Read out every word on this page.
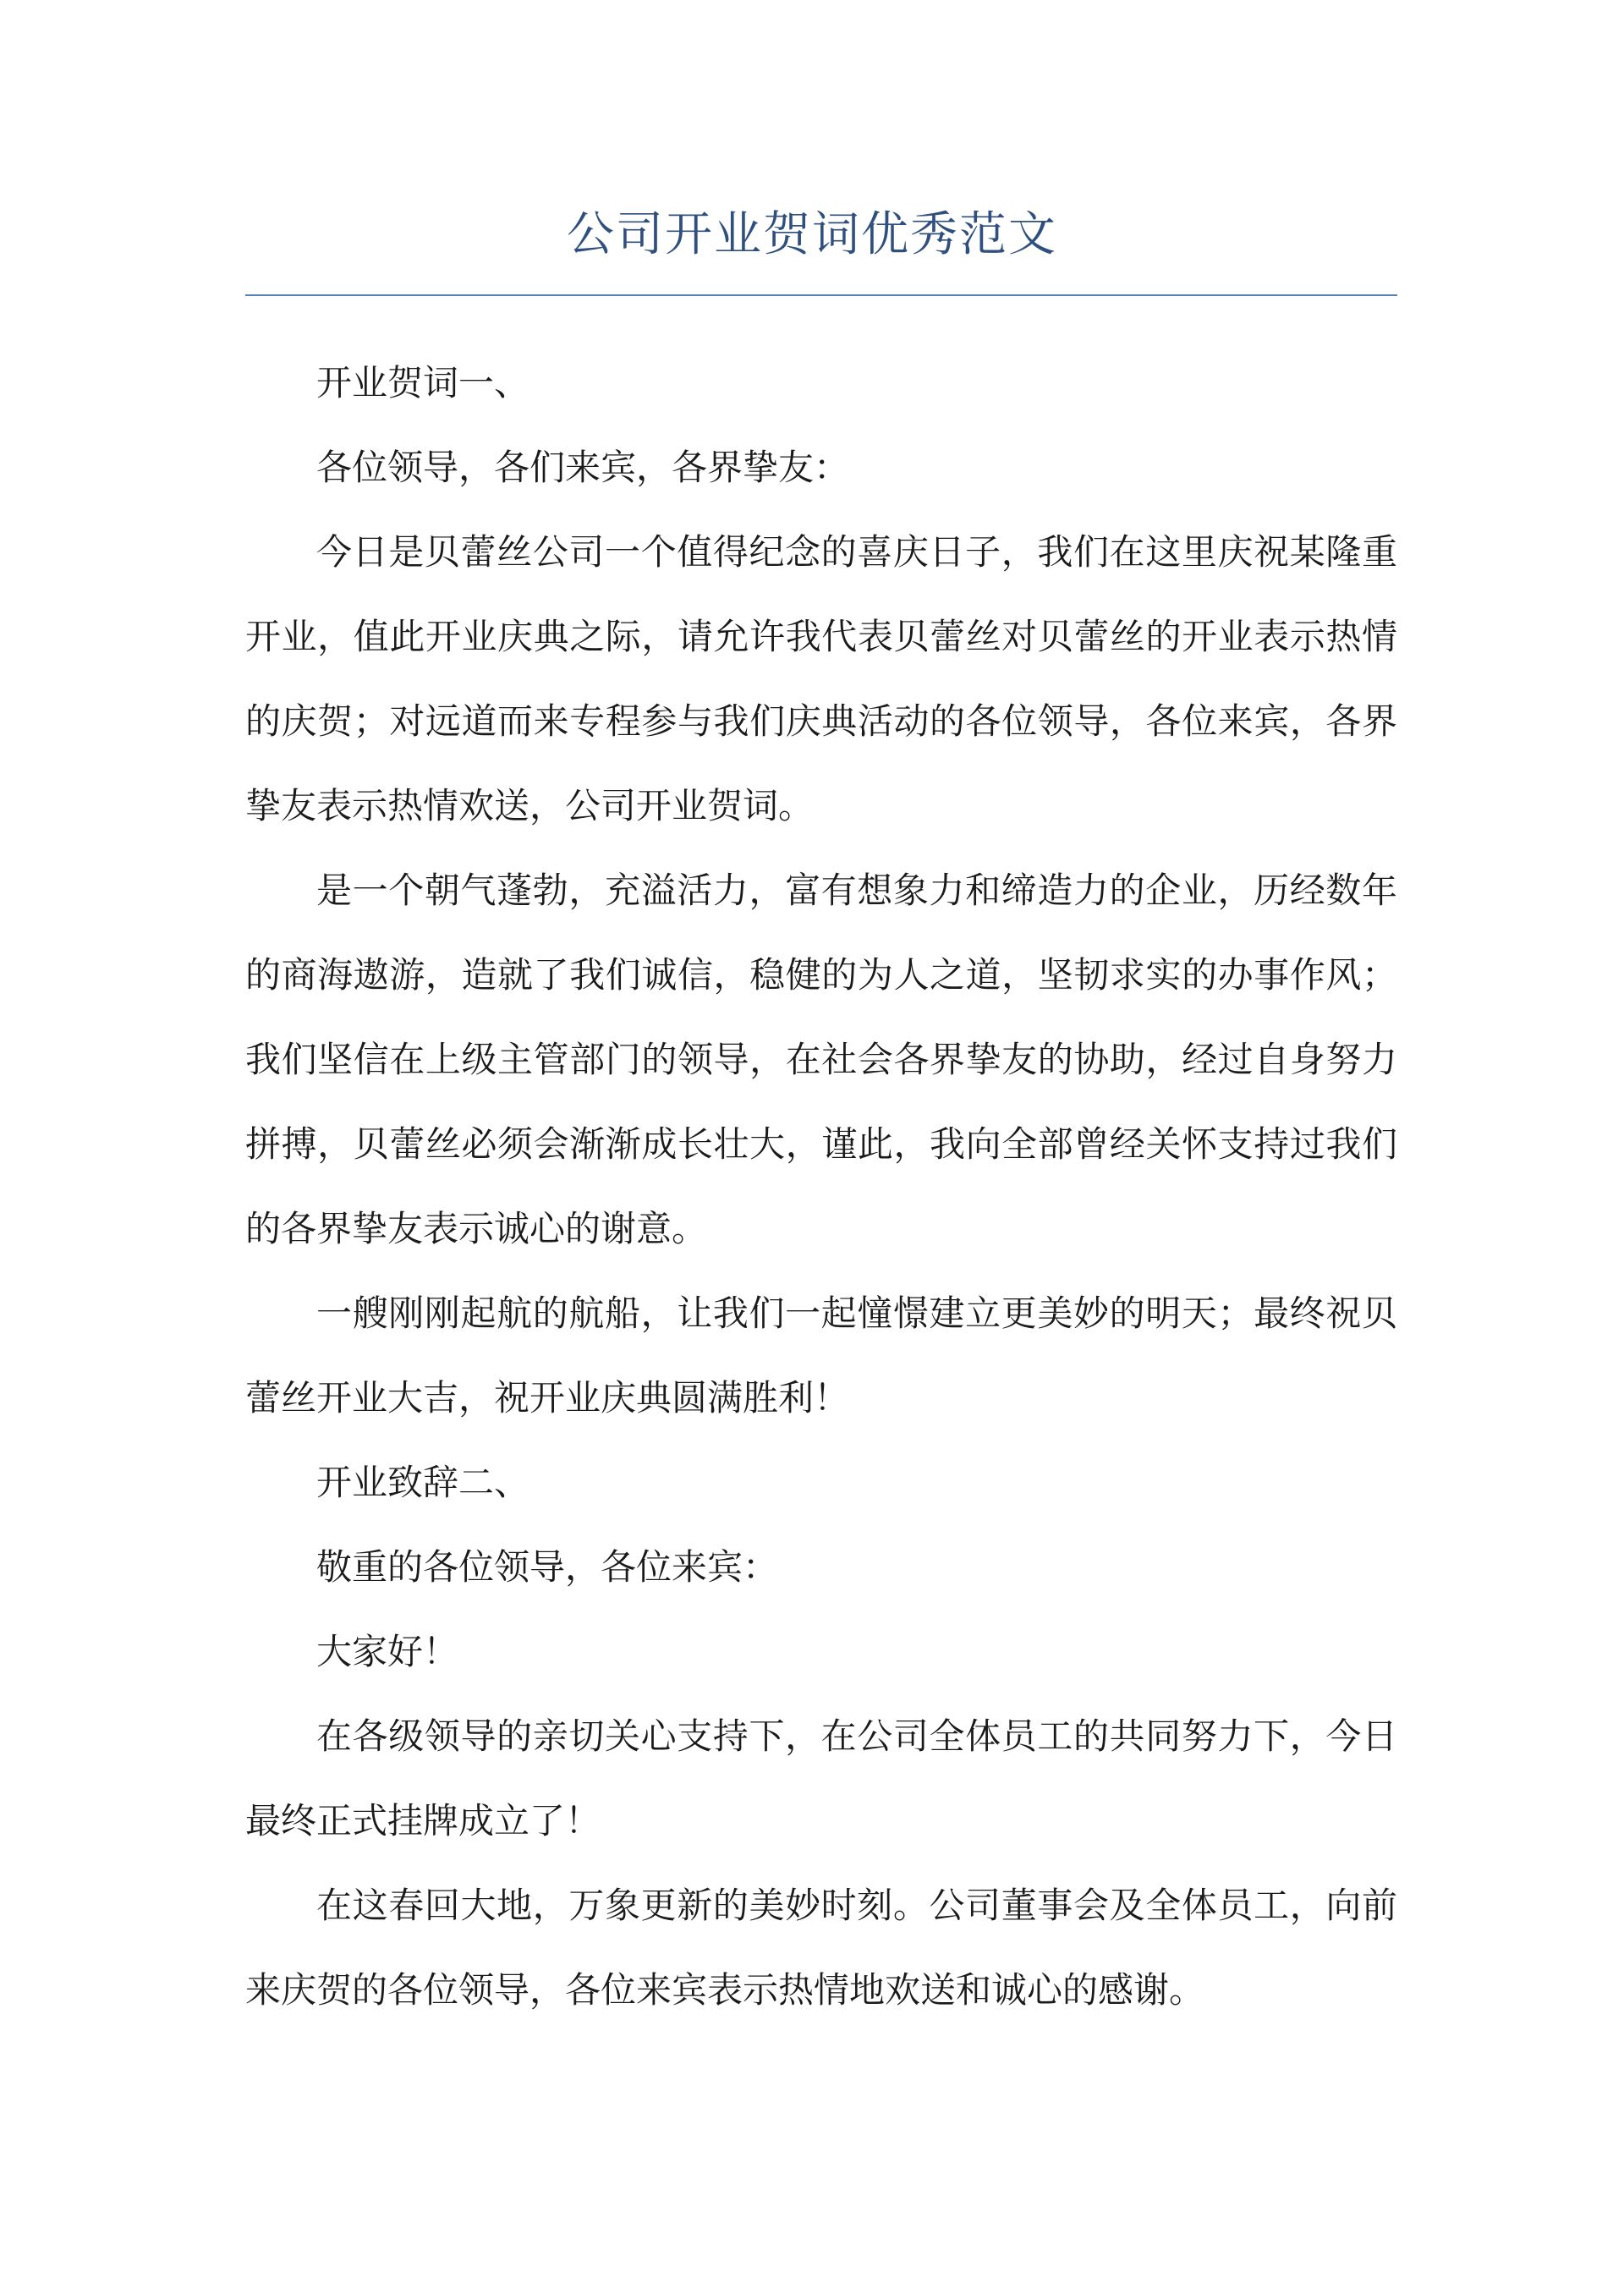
公司开业贺词优秀范文

开业贺词一、

各位领导，各们来宾，各界挚友：

今日是贝蕾丝公司一个值得纪念的喜庆日子，我们在这里庆祝某隆重开业，值此开业庆典之际，请允许我代表贝蕾丝对贝蕾丝的开业表示热情的庆贺；对远道而来专程参与我们庆典活动的各位领导，各位来宾，各界挚友表示热情欢送，公司开业贺词。

是一个朝气蓬勃，充溢活力，富有想象力和缔造力的企业，历经数年的商海遨游，造就了我们诚信，稳健的为人之道，坚韧求实的办事作风；我们坚信在上级主管部门的领导，在社会各界挚友的协助，经过自身努力拼搏，贝蕾丝必须会渐渐成长壮大，谨此，我向全部曾经关怀支持过我们的各界挚友表示诚心的谢意。

一艘刚刚起航的航船，让我们一起憧憬建立更美妙的明天；最终祝贝蕾丝开业大吉，祝开业庆典圆满胜利！

开业致辞二、

敬重的各位领导，各位来宾：

大家好！

在各级领导的亲切关心支持下，在公司全体员工的共同努力下，今日最终正式挂牌成立了！

在这春回大地，万象更新的美妙时刻。公司董事会及全体员工，向前来庆贺的各位领导，各位来宾表示热情地欢送和诚心的感谢。
